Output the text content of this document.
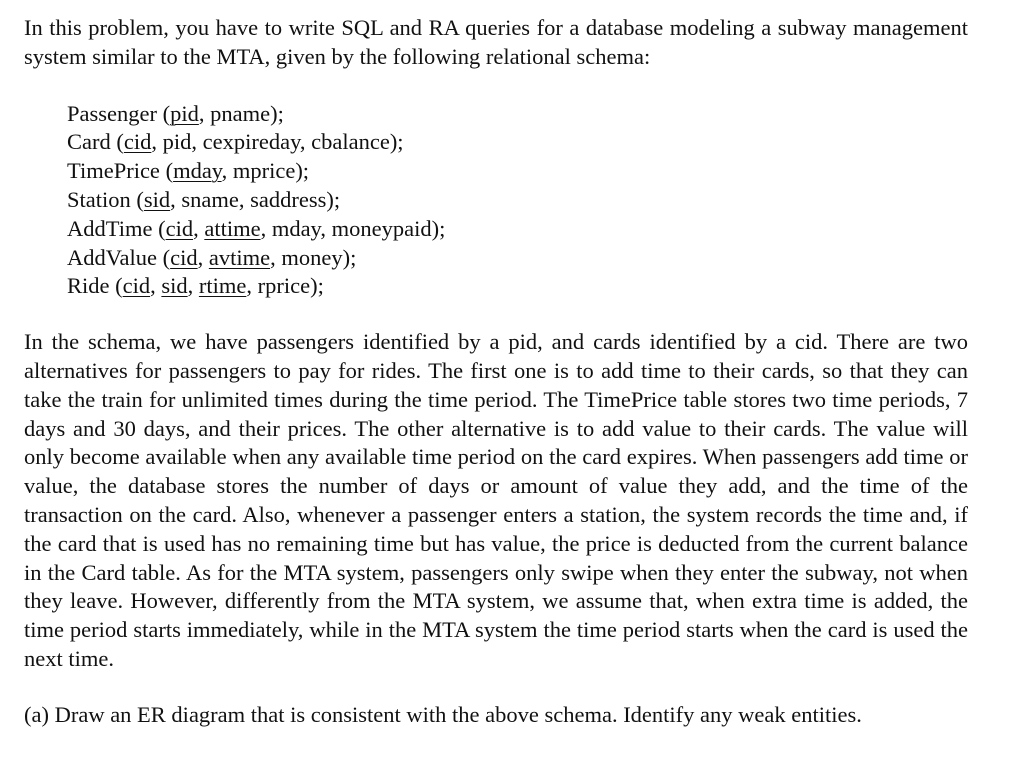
In this problem, you have to write SQL and RA queries for a database modeling a subway management system similar to the MTA, given by the following relational schema:

Passenger (pid, pname);
Card (cid, pid, cexpireday, cbalance);
TimePrice (mday, mprice);
Station (sid, sname, saddress);
AddTime (cid, attime, mday, moneypaid);
AddValue (cid, avtime, money);
Ride (cid, sid, rtime, rprice);

In the schema, we have passengers identified by a pid, and cards identified by a cid. There are two alternatives for passengers to pay for rides. The first one is to add time to their cards, so that they can take the train for unlimited times during the time period. The TimePrice table stores two time periods, 7 days and 30 days, and their prices. The other alternative is to add value to their cards. The value will only become available when any available time period on the card expires. When passengers add time or value, the database stores the number of days or amount of value they add, and the time of the transaction on the card. Also, whenever a passenger enters a station, the system records the time and, if the card that is used has no remaining time but has value, the price is deducted from the current balance in the Card table. As for the MTA system, passengers only swipe when they enter the subway, not when they leave. However, differently from the MTA system, we assume that, when extra time is added, the time period starts immediately, while in the MTA system the time period starts when the card is used the next time.

(a) Draw an ER diagram that is consistent with the above schema. Identify any weak entities.
